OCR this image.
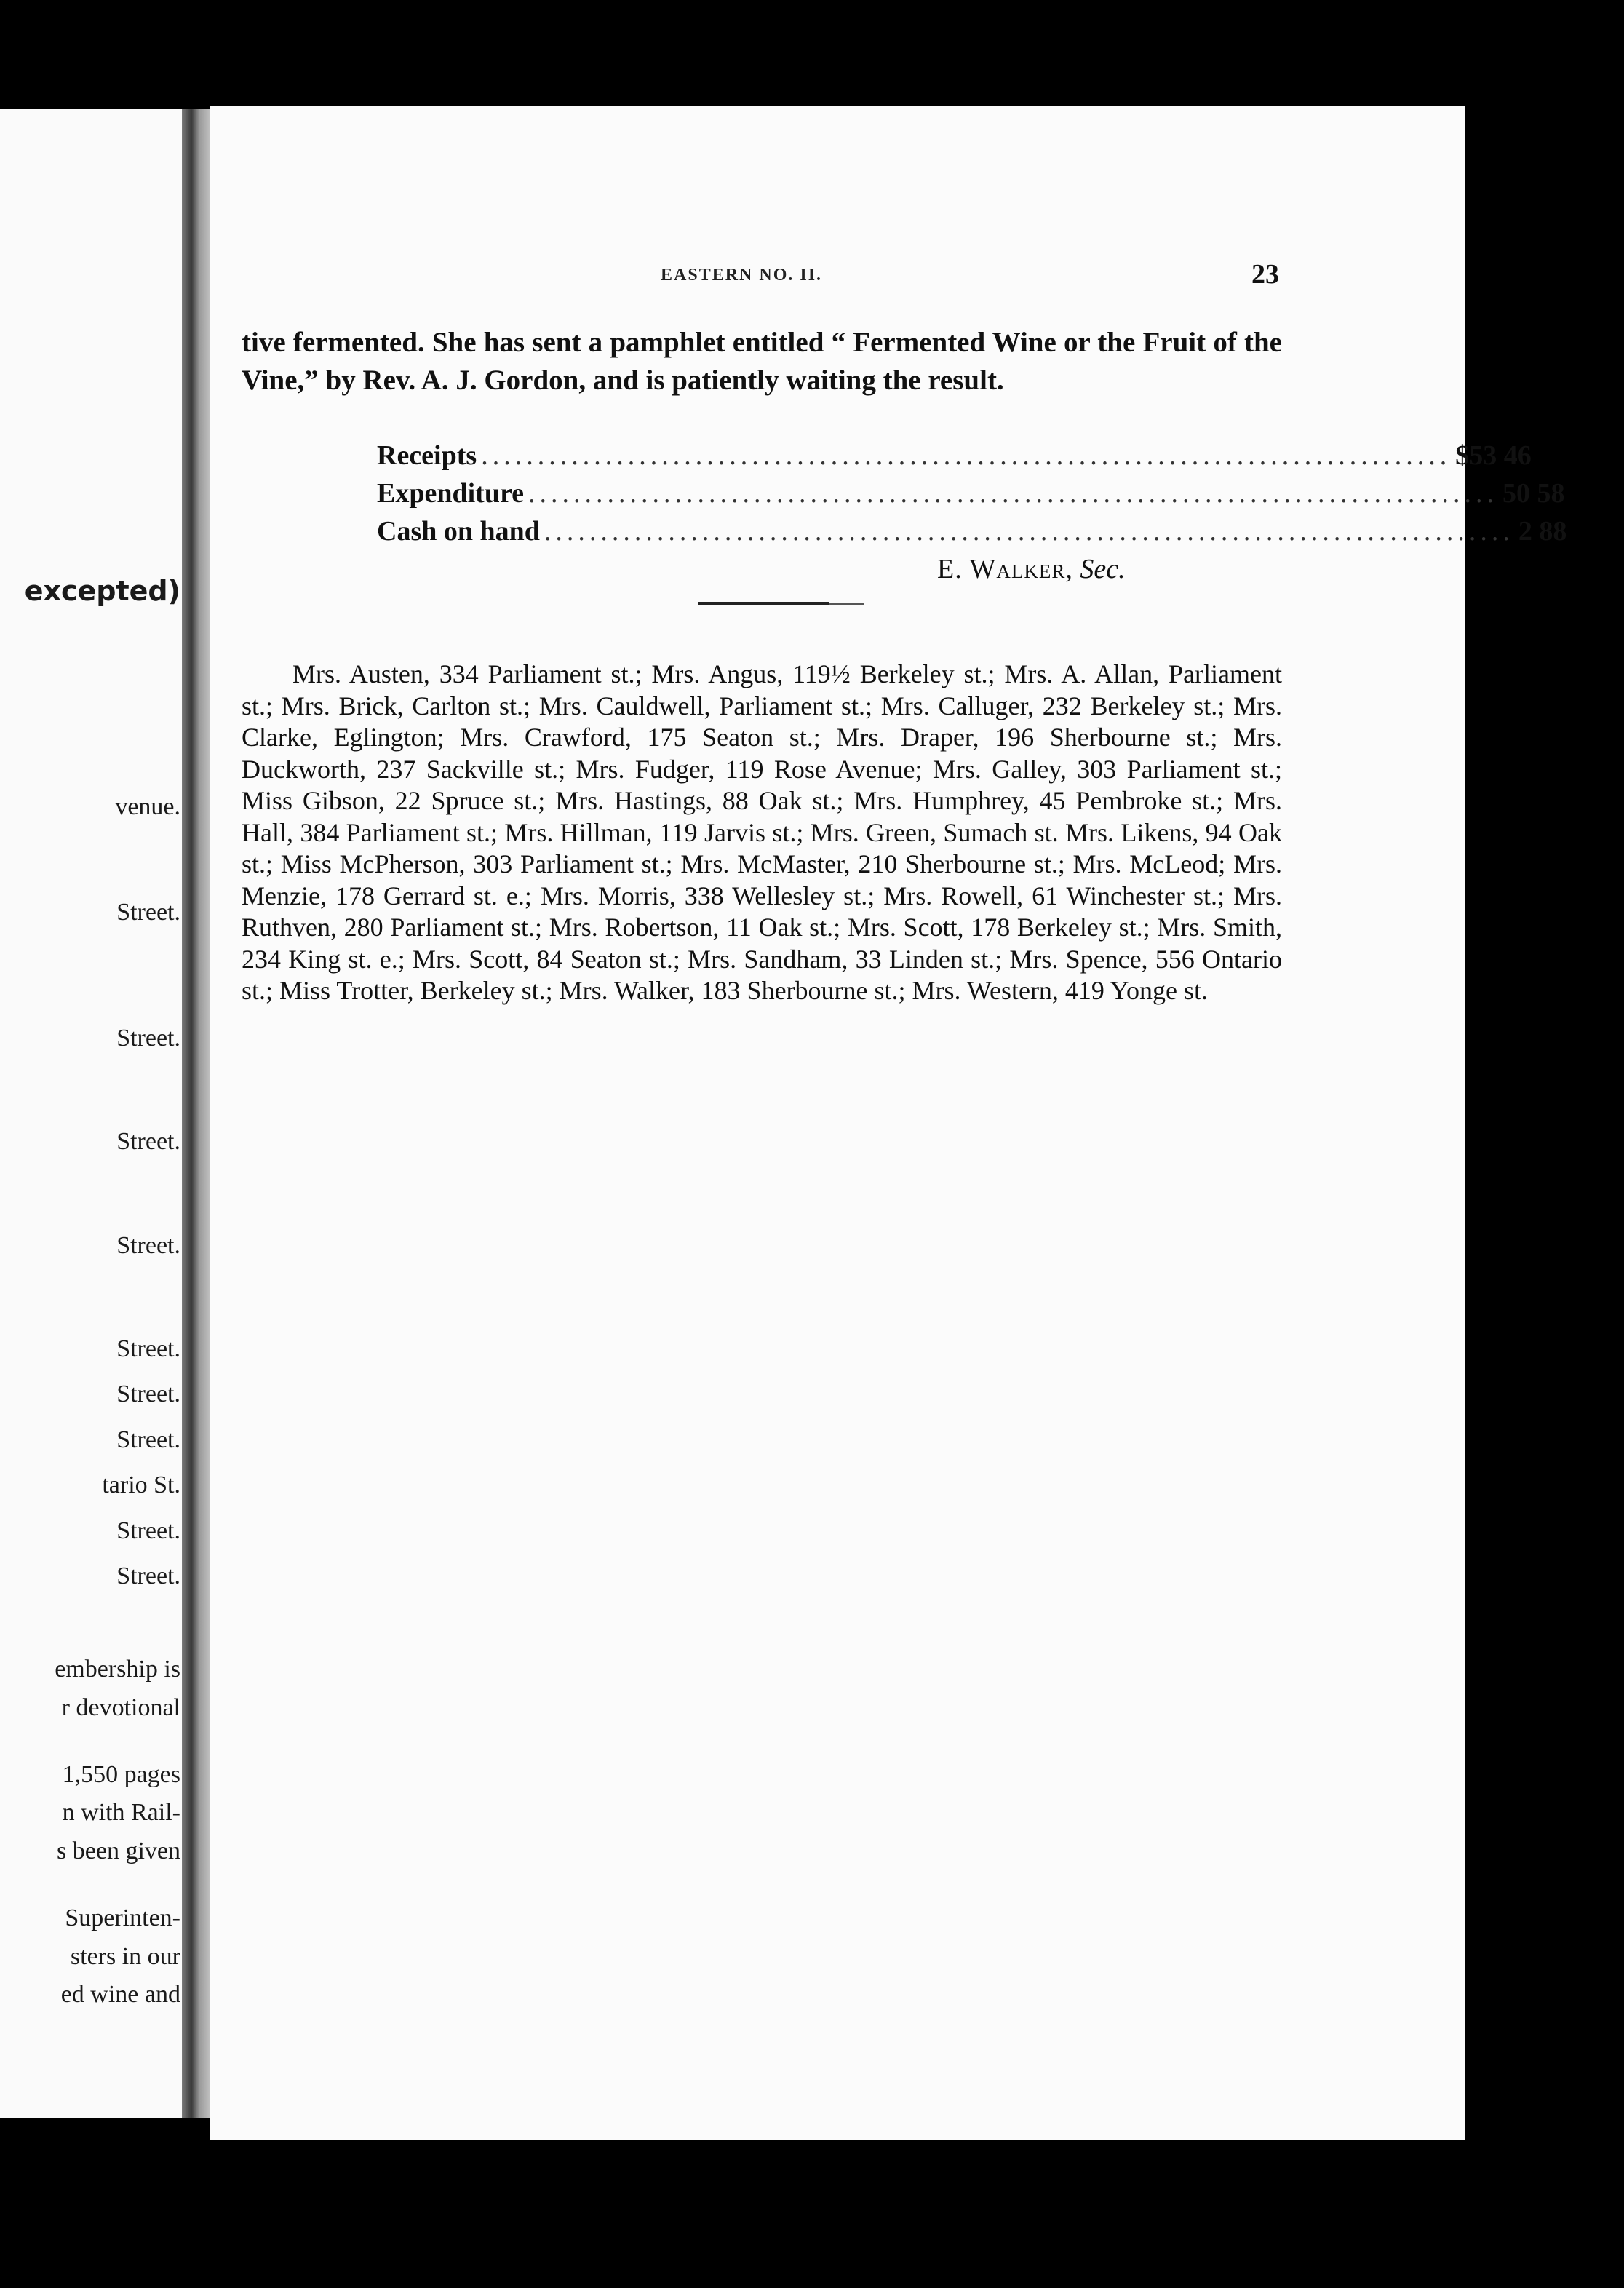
excepted)
venue.
Street.
Street.
Street.
Street.
Street.
Street.
Street.
tario St.
Street.
Street.
embership is
r devotional
1,550 pages
n with Rail-
s been given
Superinten-
sters in our
ed wine and
EASTERN NO. II.	23
tive fermented. She has sent a pamphlet entitled “ Fermented Wine or the Fruit of the Vine,” by Rev. A. J. Gordon, and is patiently waiting the result.
Receipts ...................................................................................... $53 46
Expenditure ...................................................................................... 50 58
Cash on hand ...................................................................................... 2 88
E. Walker, Sec.
Mrs. Austen, 334 Parliament st.; Mrs. Angus, 119½ Berkeley st.; Mrs. A. Allan, Parliament st.; Mrs. Brick, Carlton st.; Mrs. Cauldwell, Parliament st.; Mrs. Calluger, 232 Berkeley st.; Mrs. Clarke, Eglington; Mrs. Crawford, 175 Seaton st.; Mrs. Draper, 196 Sherbourne st.; Mrs. Duckworth, 237 Sackville st.; Mrs. Fudger, 119 Rose Avenue; Mrs. Galley, 303 Parliament st.; Miss Gibson, 22 Spruce st.; Mrs. Hastings, 88 Oak st.; Mrs. Humphrey, 45 Pembroke st.; Mrs. Hall, 384 Parliament st.; Mrs. Hillman, 119 Jarvis st.; Mrs. Green, Sumach st. Mrs. Likens, 94 Oak st.; Miss McPherson, 303 Parliament st.; Mrs. McMaster, 210 Sherbourne st.; Mrs. McLeod; Mrs. Menzie, 178 Gerrard st. e.; Mrs. Morris, 338 Wellesley st.; Mrs. Rowell, 61 Winchester st.; Mrs. Ruthven, 280 Parliament st.; Mrs. Robertson, 11 Oak st.; Mrs. Scott, 178 Berkeley st.; Mrs. Smith, 234 King st. e.; Mrs. Scott, 84 Seaton st.; Mrs. Sandham, 33 Linden st.; Mrs. Spence, 556 Ontario st.; Miss Trotter, Berkeley st.; Mrs. Walker, 183 Sherbourne st.; Mrs. Western, 419 Yonge st.
